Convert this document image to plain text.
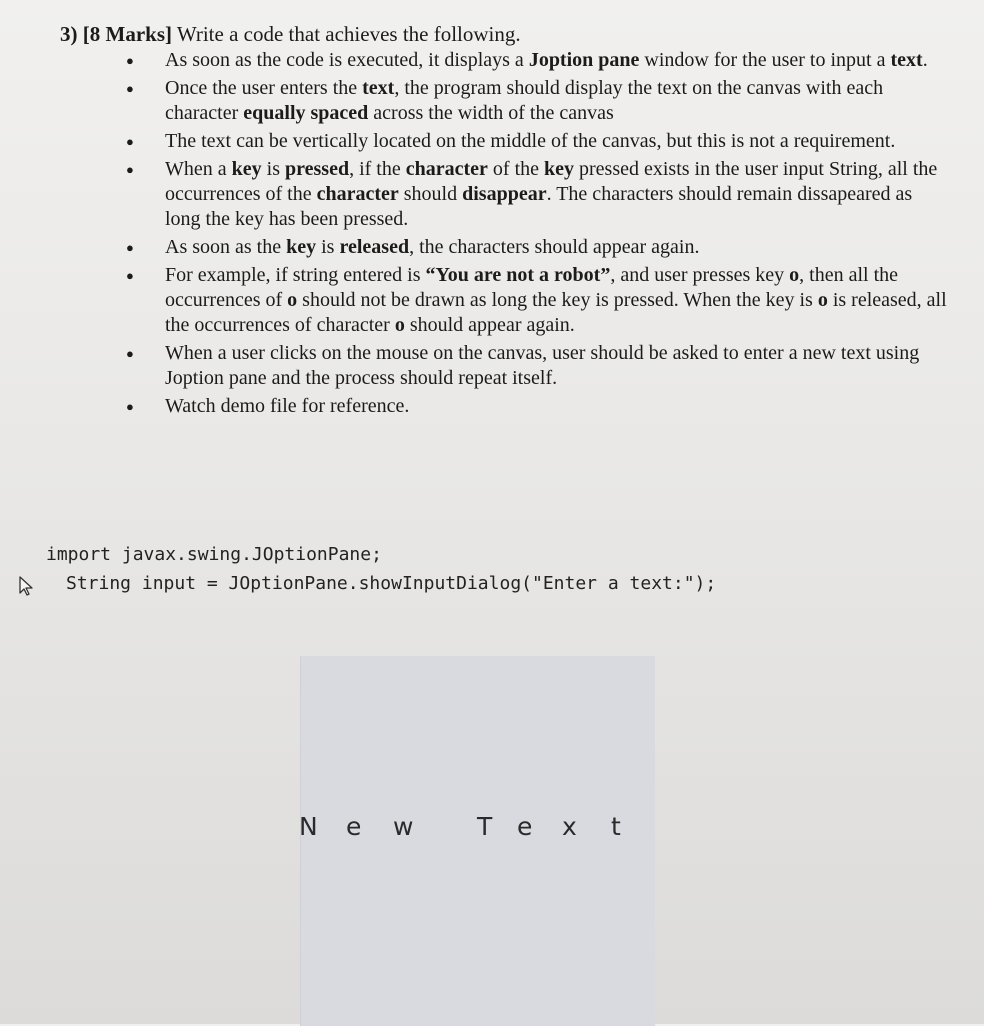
3) [8 Marks] Write a code that achieves the following.

● As soon as the code is executed, it displays a Joption pane window for the user to input a text.
● Once the user enters the text, the program should display the text on the canvas with each character equally spaced across the width of the canvas
● The text can be vertically located on the middle of the canvas, but this is not a requirement.
● When a key is pressed, if the character of the key pressed exists in the user input String, all the occurrences of the character should disappear. The characters should remain dissapeared as long the key has been pressed.
● As soon as the key is released, the characters should appear again.
● For example, if string entered is “You are not a robot”, and user presses key o, then all the occurrences of o should not be drawn as long the key is pressed. When the key is o is released, all the occurrences of character o should appear again.
● When a user clicks on the mouse on the canvas, user should be asked to enter a new text using Joption pane and the process should repeat itself.
● Watch demo file for reference.
import javax.swing.JOptionPane;
String input = JOptionPane.showInputDialog("Enter a text:");
N e w	T e x t
